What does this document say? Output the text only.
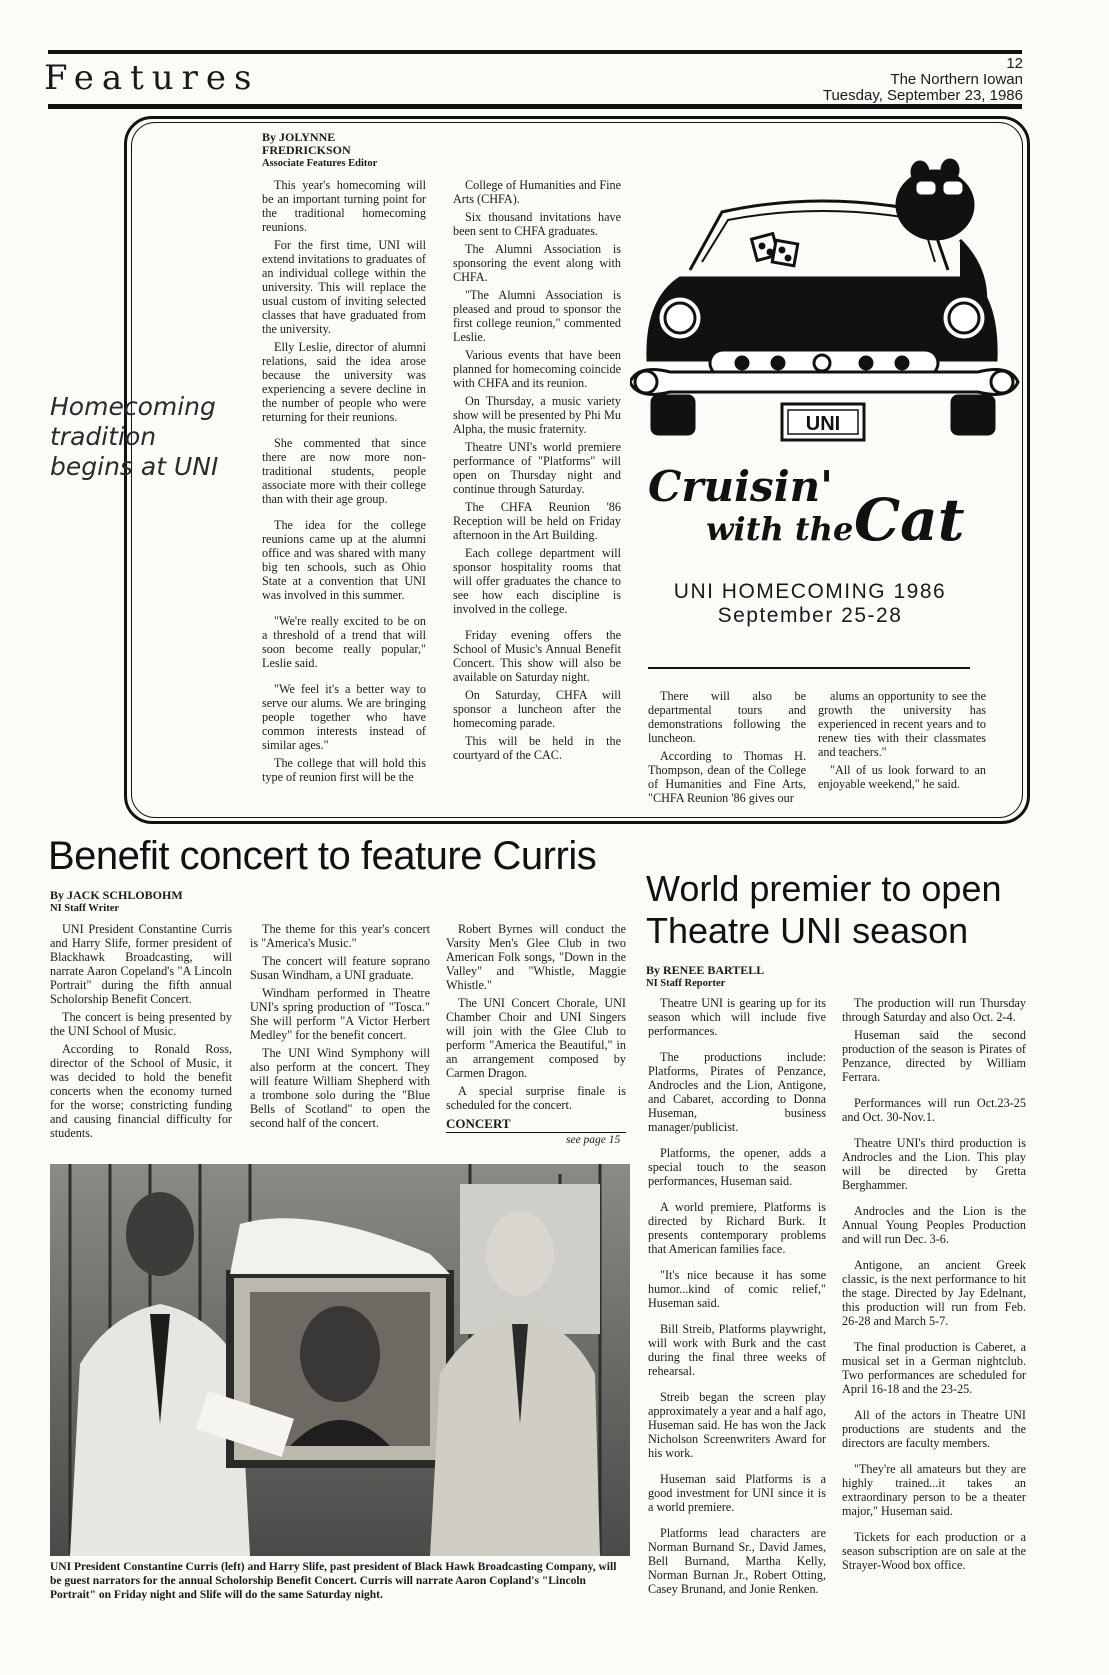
Features	12
The Northern Iowan
Tuesday, September 23, 1986
Homecoming tradition begins at UNI
By JOLYNNE FREDRICKSON
Associate Features Editor

This year's homecoming will be an important turning point for the traditional homecoming reunions.

For the first time, UNI will extend invitations to graduates of an individual college within the university. This will replace the usual custom of inviting selected classes that have graduated from the university.

Elly Leslie, director of alumni relations, said the idea arose because the university was experiencing a severe decline in the number of people who were returning for their reunions.

She commented that since there are now more non-traditional students, people associate more with their college than with their age group.

The idea for the college reunions came up at the alumni office and was shared with many big ten schools, such as Ohio State at a convention that UNI was involved in this summer.

"We're really excited to be on a threshold of a trend that will soon become really popular," Leslie said.

"We feel it's a better way to serve our alums. We are bringing people together who have common interests instead of similar ages."

The college that will hold this type of reunion first will be the

College of Humanities and Fine Arts (CHFA).

Six thousand invitations have been sent to CHFA graduates.

The Alumni Association is sponsoring the event along with CHFA.

"The Alumni Association is pleased and proud to sponsor the first college reunion," commented Leslie.

Various events that have been planned for homecoming coincide with CHFA and its reunion.

On Thursday, a music variety show will be presented by Phi Mu Alpha, the music fraternity.

Theatre UNI's world premiere performance of "Platforms" will open on Thursday night and continue through Saturday.

The CHFA Reunion '86 Reception will be held on Friday afternoon in the Art Building.

Each college department will sponsor hospitality rooms that will offer graduates the chance to see how each discipline is involved in the college.

Friday evening offers the School of Music's Annual Benefit Concert. This show will also be available on Saturday night.

On Saturday, CHFA will sponsor a luncheon after the homecoming parade.

This will be held in the courtyard of the CAC.

UNI
Cruisin'
with the Cat
UNI HOMECOMING 1986
September 25-28

There will also be departmental tours and demonstrations following the luncheon.

According to Thomas H. Thompson, dean of the College of Humanities and Fine Arts, "CHFA Reunion '86 gives our

alums an opportunity to see the growth the university has experienced in recent years and to renew ties with their classmates and teachers."

"All of us look forward to an enjoyable weekend," he said.

Benefit concert to feature Curris
By JACK SCHLOBOHM
NI Staff Writer

UNI President Constantine Curris and Harry Slife, former president of Blackhawk Broadcasting, will narrate Aaron Copeland's "A Lincoln Portrait" during the fifth annual Scholorship Benefit Concert.

The concert is being presented by the UNI School of Music.

According to Ronald Ross, director of the School of Music, it was decided to hold the benefit concerts when the economy turned for the worse; constricting funding and causing financial difficulty for students.

The theme for this year's concert is "America's Music."

The concert will feature soprano Susan Windham, a UNI graduate.

Windham performed in Theatre UNI's spring production of "Tosca." She will perform "A Victor Herbert Medley" for the benefit concert.

The UNI Wind Symphony will also perform at the concert. They will feature William Shepherd with a trombone solo during the "Blue Bells of Scotland" to open the second half of the concert.

Robert Byrnes will conduct the Varsity Men's Glee Club in two American Folk songs, "Down in the Valley" and "Whistle, Maggie Whistle."

The UNI Concert Chorale, UNI Chamber Choir and UNI Singers will join with the Glee Club to perform "America the Beautiful," in an arrangement composed by Carmen Dragon.

A special surprise finale is scheduled for the concert.

CONCERT
see page 15
UNI President Constantine Curris (left) and Harry Slife, past president of Black Hawk Broadcasting Company, will be guest narrators for the annual Scholorship Benefit Concert. Curris will narrate Aaron Copland's "Lincoln Portrait" on Friday night and Slife will do the same Saturday night.
World premier to open Theatre UNI season
By RENEE BARTELL
NI Staff Reporter

Theatre UNI is gearing up for its season which will include five performances.

The productions include: Platforms, Pirates of Penzance, Androcles and the Lion, Antigone, and Cabaret, according to Donna Huseman, business manager/publicist.

Platforms, the opener, adds a special touch to the season performances, Huseman said.

A world premiere, Platforms is directed by Richard Burk. It presents contemporary problems that American families face.

"It's nice because it has some humor...kind of comic relief," Huseman said.

Bill Streib, Platforms playwright, will work with Burk and the cast during the final three weeks of rehearsal.

Streib began the screen play approximately a year and a half ago, Huseman said. He has won the Jack Nicholson Screenwriters Award for his work.

Huseman said Platforms is a good investment for UNI since it is a world premiere.

Platforms lead characters are Norman Burnand Sr., David James, Bell Burnand, Martha Kelly, Norman Burnan Jr., Robert Otting, Casey Brunand, and Jonie Renken.

The production will run Thursday through Saturday and also Oct. 2-4.

Huseman said the second production of the season is Pirates of Penzance, directed by William Ferrara.

Performances will run Oct.23-25 and Oct. 30-Nov.1.

Theatre UNI's third production is Androcles and the Lion. This play will be directed by Gretta Berghammer.

Androcles and the Lion is the Annual Young Peoples Production and will run Dec. 3-6.

Antigone, an ancient Greek classic, is the next performance to hit the stage. Directed by Jay Edelnant, this production will run from Feb. 26-28 and March 5-7.

The final production is Caberet, a musical set in a German nightclub. Two performances are scheduled for April 16-18 and the 23-25.

All of the actors in Theatre UNI productions are students and the directors are faculty members.

"They're all amateurs but they are highly trained...it takes an extraordinary person to be a theater major," Huseman said.

Tickets for each production or a season subscription are on sale at the Strayer-Wood box office.
